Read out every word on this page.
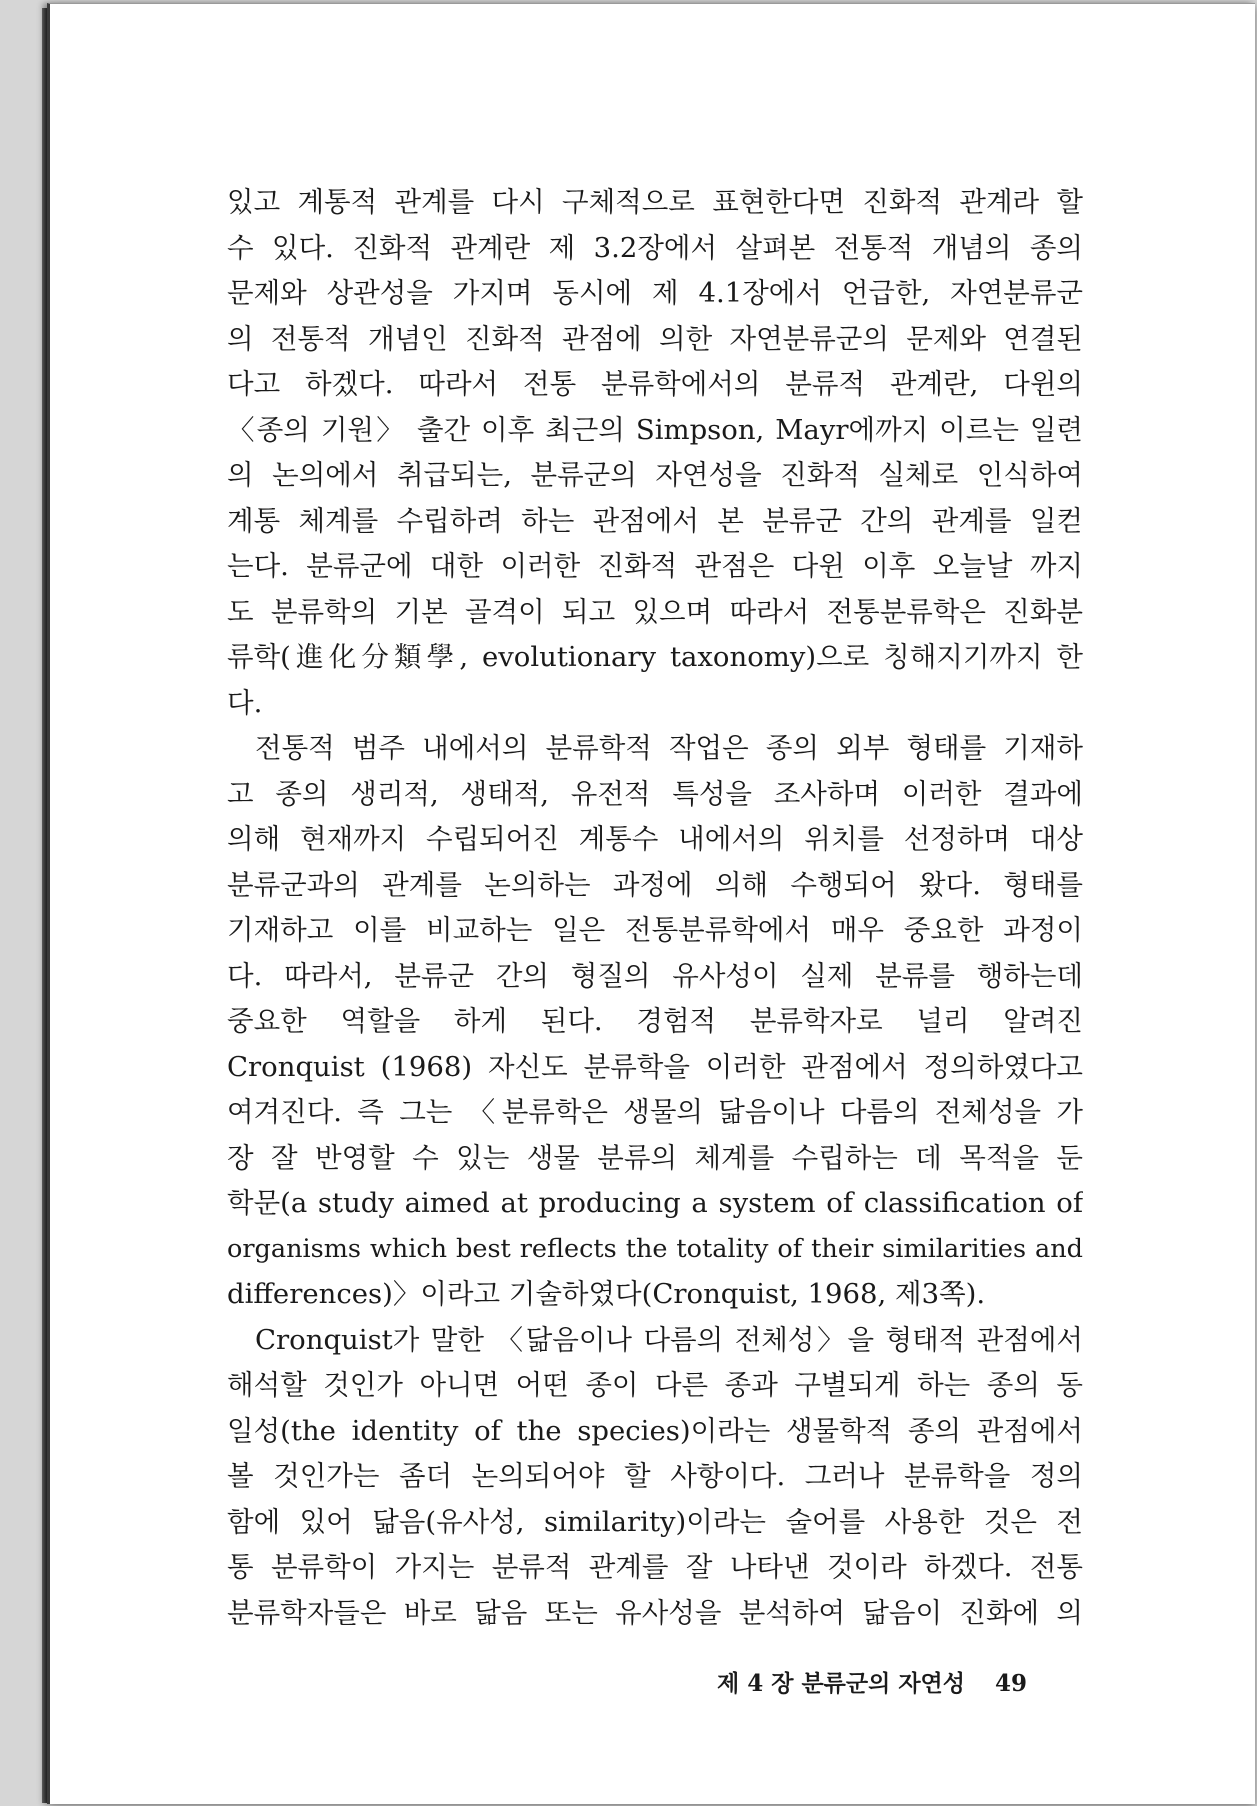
있고 계통적 관계를 다시 구체적으로 표현한다면 진화적 관계라 할
수 있다. 진화적 관계란 제 3.2장에서 살펴본 전통적 개념의 종의
문제와 상관성을 가지며 동시에 제 4.1장에서 언급한, 자연분류군
의 전통적 개념인 진화적 관점에 의한 자연분류군의 문제와 연결된
다고 하겠다. 따라서 전통 분류학에서의 분류적 관계란, 다윈의
〈종의 기원〉 출간 이후 최근의 Simpson, Mayr에까지 이르는 일련
의 논의에서 취급되는, 분류군의 자연성을 진화적 실체로 인식하여
계통 체계를 수립하려 하는 관점에서 본 분류군 간의 관계를 일컫
는다. 분류군에 대한 이러한 진화적 관점은 다윈 이후 오늘날 까지
도 분류학의 기본 골격이 되고 있으며 따라서 전통분류학은 진화분
류학(進化分類學, evolutionary taxonomy)으로 칭해지기까지 한
다.
전통적 범주 내에서의 분류학적 작업은 종의 외부 형태를 기재하
고 종의 생리적, 생태적, 유전적 특성을 조사하며 이러한 결과에
의해 현재까지 수립되어진 계통수 내에서의 위치를 선정하며 대상
분류군과의 관계를 논의하는 과정에 의해 수행되어 왔다. 형태를
기재하고 이를 비교하는 일은 전통분류학에서 매우 중요한 과정이
다. 따라서, 분류군 간의 형질의 유사성이 실제 분류를 행하는데
중요한 역할을 하게 된다. 경험적 분류학자로 널리 알려진
Cronquist (1968) 자신도 분류학을 이러한 관점에서 정의하였다고
여겨진다. 즉 그는 〈분류학은 생물의 닮음이나 다름의 전체성을 가
장 잘 반영할 수 있는 생물 분류의 체계를 수립하는 데 목적을 둔
학문(a study aimed at producing a system of classification of
organisms which best reflects the totality of their similarities and
differences)〉이라고 기술하였다(Cronquist, 1968, 제3쪽).
Cronquist가 말한 〈닮음이나 다름의 전체성〉을 형태적 관점에서
해석할 것인가 아니면 어떤 종이 다른 종과 구별되게 하는 종의 동
일성(the identity of the species)이라는 생물학적 종의 관점에서
볼 것인가는 좀더 논의되어야 할 사항이다. 그러나 분류학을 정의
함에 있어 닮음(유사성, similarity)이라는 술어를 사용한 것은 전
통 분류학이 가지는 분류적 관계를 잘 나타낸 것이라 하겠다. 전통
분류학자들은 바로 닮음 또는 유사성을 분석하여 닮음이 진화에 의
제 4 장 분류군의 자연성 49
